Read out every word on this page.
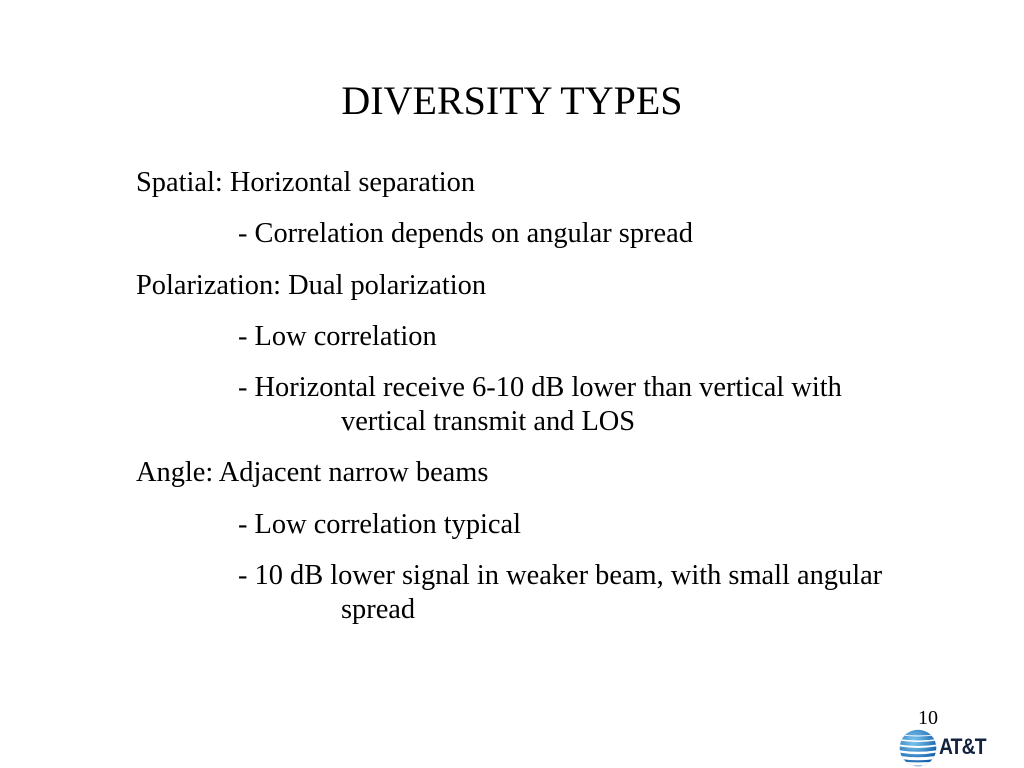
DIVERSITY TYPES

Spatial: Horizontal separation

- Correlation depends on angular spread

Polarization: Dual polarization

- Low correlation

- Horizontal receive 6-10 dB lower than vertical with
vertical transmit and LOS

Angle: Adjacent narrow beams

- Low correlation typical

- 10 dB lower signal in weaker beam, with small angular
spread

10
AT&T
